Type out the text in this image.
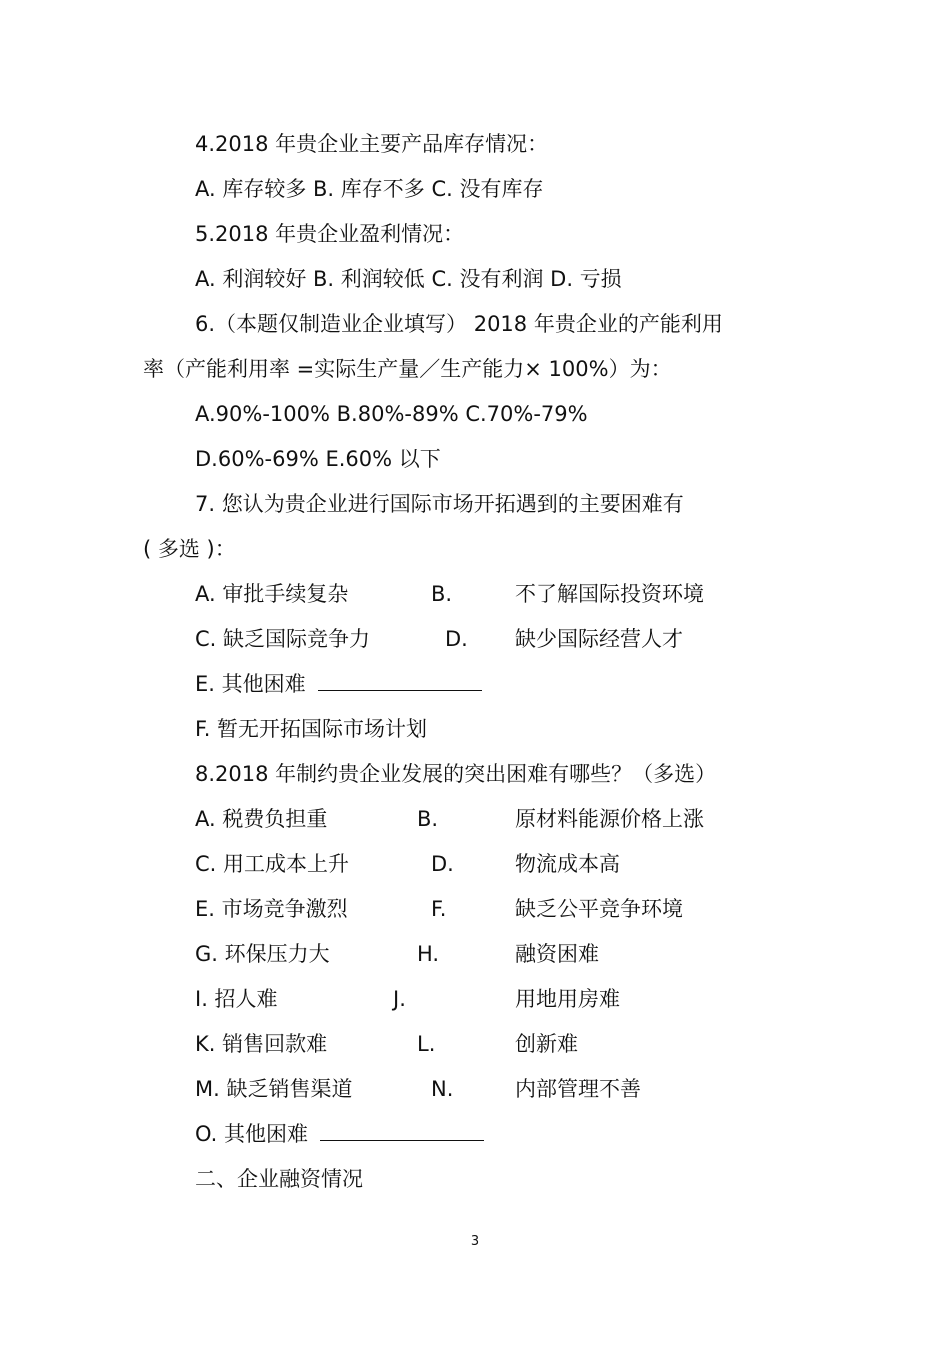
4.2018 年贵企业主要产品库存情况：
A. 库存较多 B. 库存不多 C. 没有库存
5.2018 年贵企业盈利情况：
A. 利润较好 B. 利润较低 C. 没有利润 D. 亏损
6.（本题仅制造业企业填写） 2018 年贵企业的产能利用
率（产能利用率 =实际生产量／生产能力× 100%）为：
A.90%-100% B.80%-89% C.70%-79%
D.60%-69% E.60% 以下
7. 您认为贵企业进行国际市场开拓遇到的主要困难有
( 多选 )：
A. 审批手续复杂	B.	不了解国际投资环境
C. 缺乏国际竞争力	D. 缺少国际经营人才
E. 其他困难
F. 暂无开拓国际市场计划
8.2018 年制约贵企业发展的突出困难有哪些？（多选）
A. 税费负担重	B.	原材料能源价格上涨
C. 用工成本上升	D.	物流成本高
E. 市场竞争激烈	F.	缺乏公平竞争环境
G. 环保压力大	H.	融资困难
I. 招人难	J.	用地用房难
K. 销售回款难	L.	创新难
M. 缺乏销售渠道	N.	内部管理不善
O. 其他困难
二、企业融资情况
3
